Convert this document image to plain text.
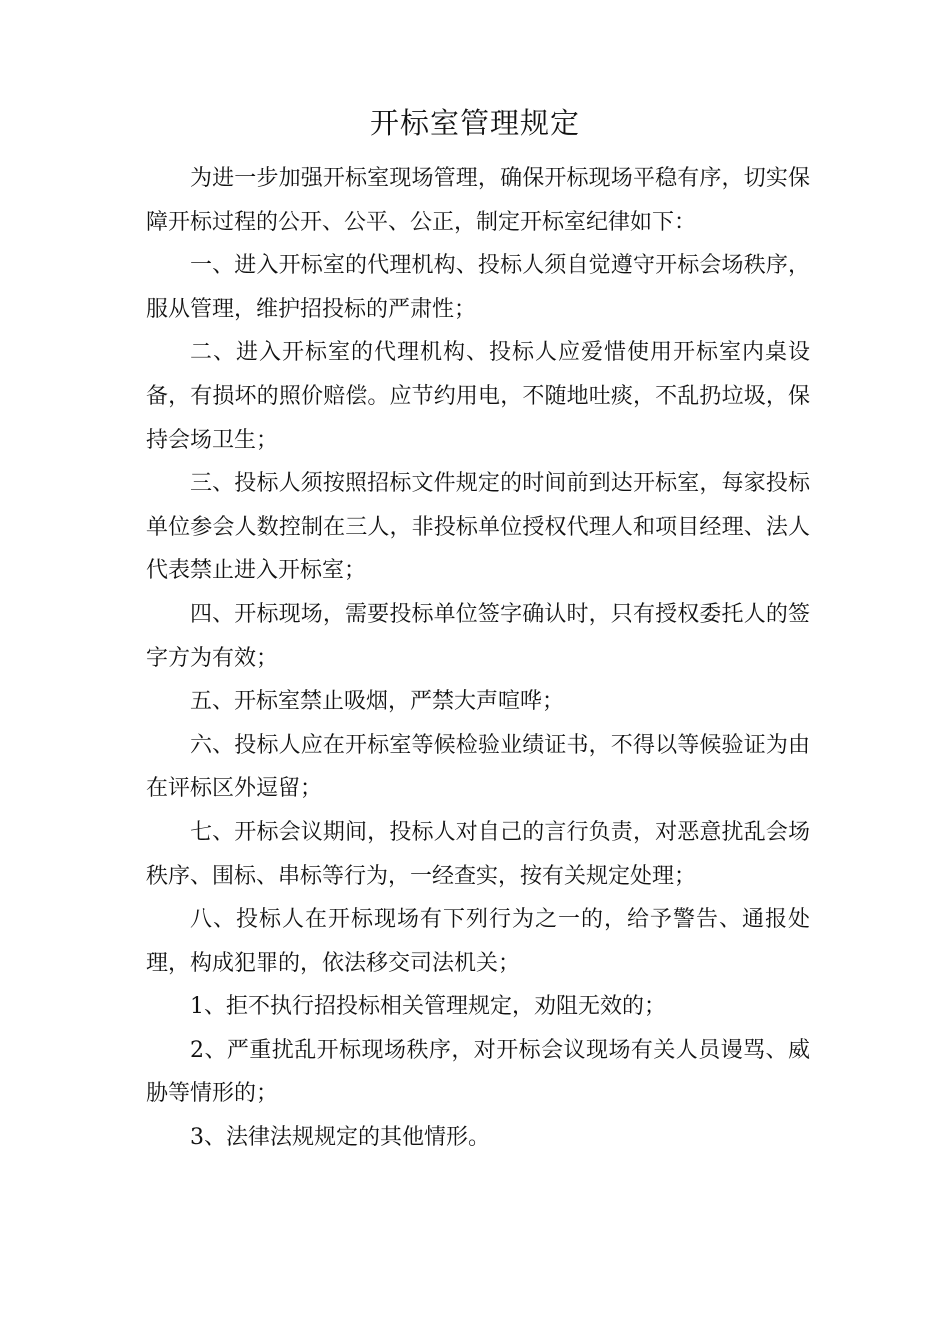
开标室管理规定

为进一步加强开标室现场管理，确保开标现场平稳有序，切实保障开标过程的公开、公平、公正，制定开标室纪律如下：

一、进入开标室的代理机构、投标人须自觉遵守开标会场秩序，服从管理，维护招投标的严肃性；

二、进入开标室的代理机构、投标人应爱惜使用开标室内桌设备，有损坏的照价赔偿。应节约用电，不随地吐痰，不乱扔垃圾，保持会场卫生；

三、投标人须按照招标文件规定的时间前到达开标室，每家投标单位参会人数控制在三人，非投标单位授权代理人和项目经理、法人代表禁止进入开标室；

四、开标现场，需要投标单位签字确认时，只有授权委托人的签字方为有效；

五、开标室禁止吸烟，严禁大声喧哗；

六、投标人应在开标室等候检验业绩证书，不得以等候验证为由在评标区外逗留；

七、开标会议期间，投标人对自己的言行负责，对恶意扰乱会场秩序、围标、串标等行为，一经查实，按有关规定处理；

八、投标人在开标现场有下列行为之一的，给予警告、通报处理，构成犯罪的，依法移交司法机关；

1、拒不执行招投标相关管理规定，劝阻无效的；

2、严重扰乱开标现场秩序，对开标会议现场有关人员谩骂、威胁等情形的；

3、法律法规规定的其他情形。
